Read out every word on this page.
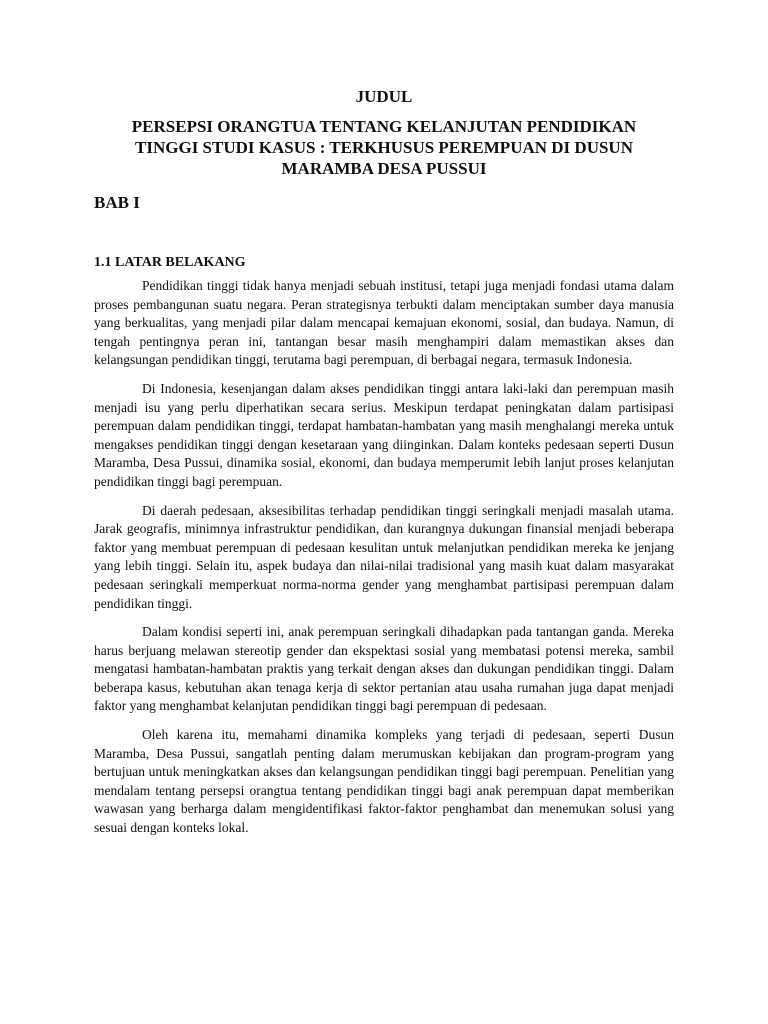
JUDUL
PERSEPSI ORANGTUA TENTANG KELANJUTAN PENDIDIKAN
TINGGI STUDI KASUS : TERKHUSUS PEREMPUAN DI DUSUN
MARAMBA DESA PUSSUI
BAB I
1.1 LATAR BELAKANG

Pendidikan tinggi tidak hanya menjadi sebuah institusi, tetapi juga menjadi fondasi utama dalam proses pembangunan suatu negara. Peran strategisnya terbukti dalam menciptakan sumber daya manusia yang berkualitas, yang menjadi pilar dalam mencapai kemajuan ekonomi, sosial, dan budaya. Namun, di tengah pentingnya peran ini, tantangan besar masih menghampiri dalam memastikan akses dan kelangsungan pendidikan tinggi, terutama bagi perempuan, di berbagai negara, termasuk Indonesia.

Di Indonesia, kesenjangan dalam akses pendidikan tinggi antara laki-laki dan perempuan masih menjadi isu yang perlu diperhatikan secara serius. Meskipun terdapat peningkatan dalam partisipasi perempuan dalam pendidikan tinggi, terdapat hambatan-hambatan yang masih menghalangi mereka untuk mengakses pendidikan tinggi dengan kesetaraan yang diinginkan. Dalam konteks pedesaan seperti Dusun Maramba, Desa Pussui, dinamika sosial, ekonomi, dan budaya memperumit lebih lanjut proses kelanjutan pendidikan tinggi bagi perempuan.

Di daerah pedesaan, aksesibilitas terhadap pendidikan tinggi seringkali menjadi masalah utama. Jarak geografis, minimnya infrastruktur pendidikan, dan kurangnya dukungan finansial menjadi beberapa faktor yang membuat perempuan di pedesaan kesulitan untuk melanjutkan pendidikan mereka ke jenjang yang lebih tinggi. Selain itu, aspek budaya dan nilai-nilai tradisional yang masih kuat dalam masyarakat pedesaan seringkali memperkuat norma-norma gender yang menghambat partisipasi perempuan dalam pendidikan tinggi.

Dalam kondisi seperti ini, anak perempuan seringkali dihadapkan pada tantangan ganda. Mereka harus berjuang melawan stereotip gender dan ekspektasi sosial yang membatasi potensi mereka, sambil mengatasi hambatan-hambatan praktis yang terkait dengan akses dan dukungan pendidikan tinggi. Dalam beberapa kasus, kebutuhan akan tenaga kerja di sektor pertanian atau usaha rumahan juga dapat menjadi faktor yang menghambat kelanjutan pendidikan tinggi bagi perempuan di pedesaan.

Oleh karena itu, memahami dinamika kompleks yang terjadi di pedesaan, seperti Dusun Maramba, Desa Pussui, sangatlah penting dalam merumuskan kebijakan dan program-program yang bertujuan untuk meningkatkan akses dan kelangsungan pendidikan tinggi bagi perempuan. Penelitian yang mendalam tentang persepsi orangtua tentang pendidikan tinggi bagi anak perempuan dapat memberikan wawasan yang berharga dalam mengidentifikasi faktor-faktor penghambat dan menemukan solusi yang sesuai dengan konteks lokal.
